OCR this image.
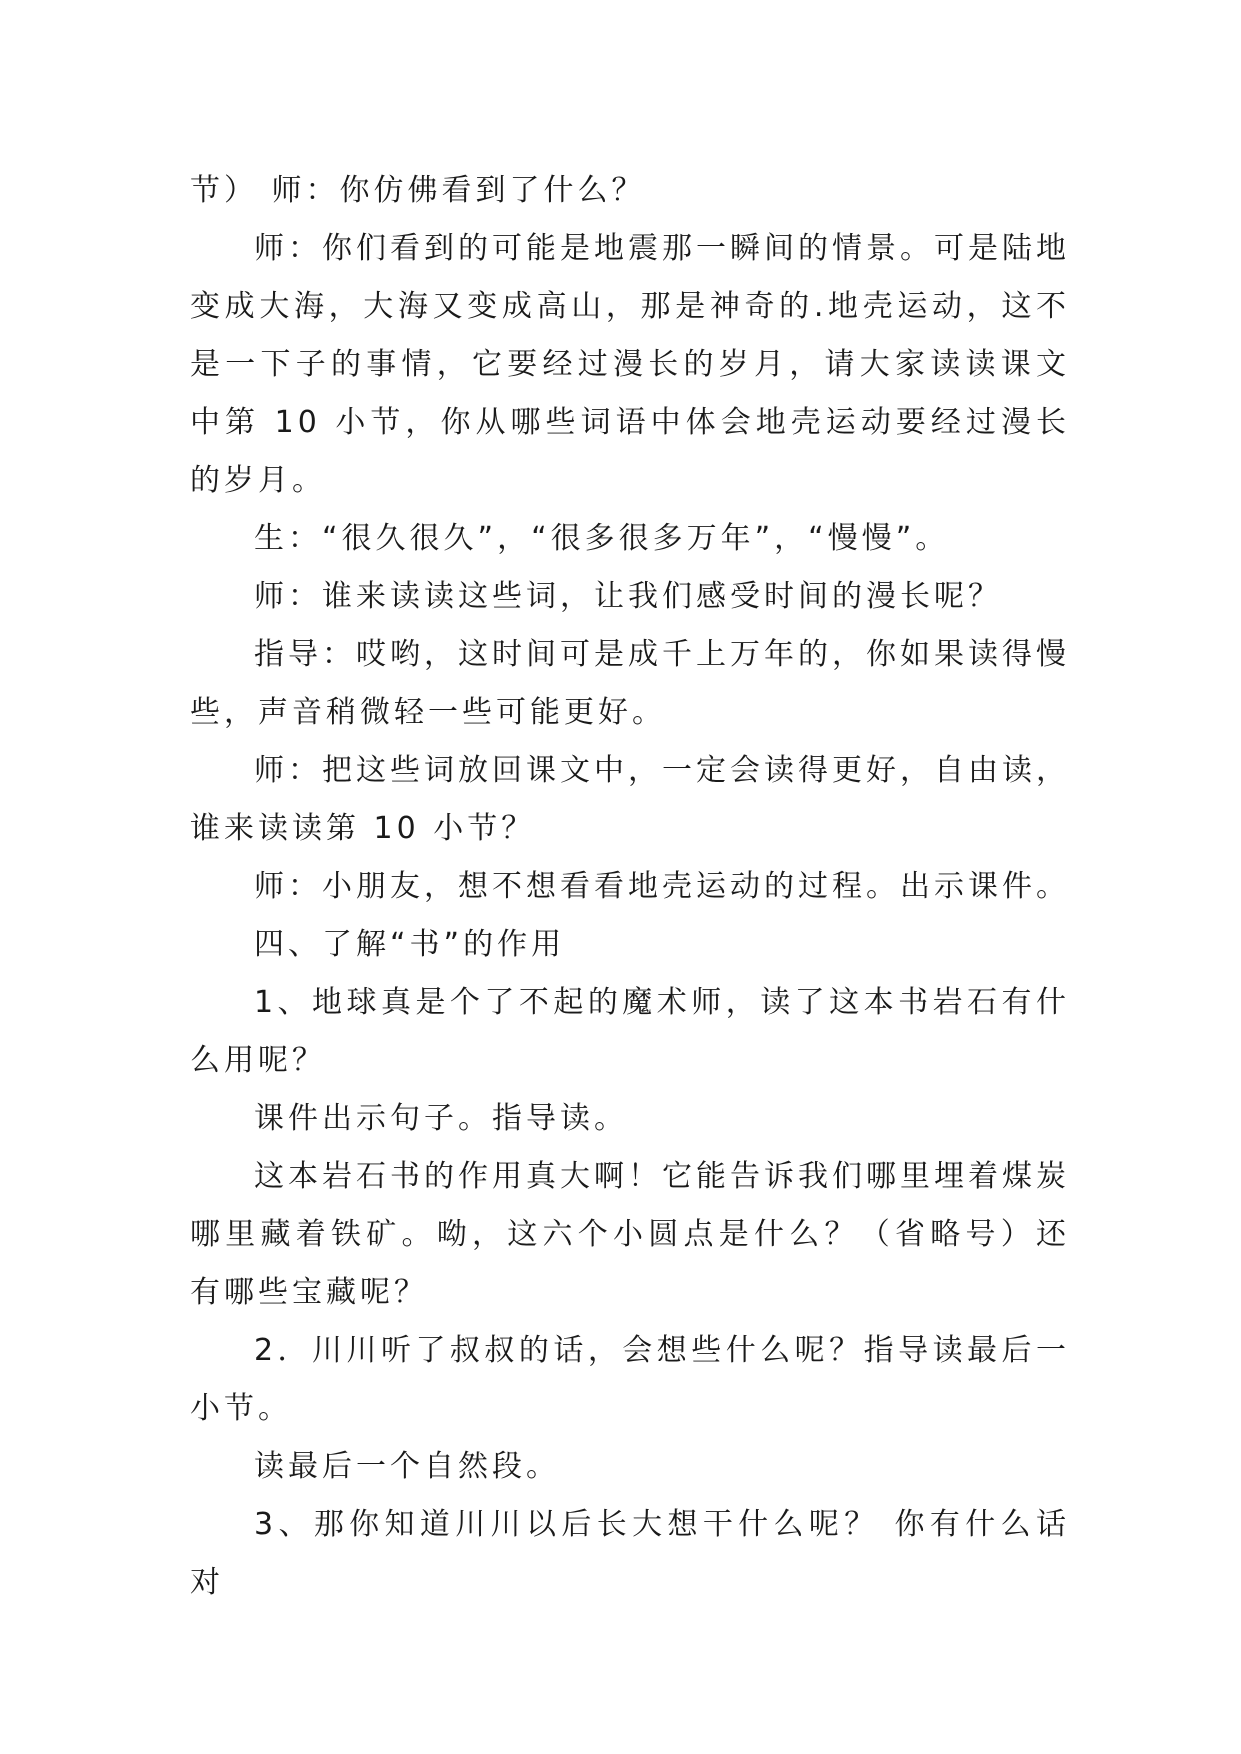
节） 师：你仿佛看到了什么？

师：你们看到的可能是地震那一瞬间的情景。可是陆地变成大海，大海又变成高山，那是神奇的.地壳运动，这不是一下子的事情，它要经过漫长的岁月，请大家读读课文中第 10 小节，你从哪些词语中体会地壳运动要经过漫长的岁月。

生：“很久很久”，“很多很多万年”，“慢慢”。

师：谁来读读这些词，让我们感受时间的漫长呢？

指导：哎哟，这时间可是成千上万年的，你如果读得慢些，声音稍微轻一些可能更好。

师：把这些词放回课文中，一定会读得更好，自由读，谁来读读第 10 小节？

师：小朋友，想不想看看地壳运动的过程。出示课件。

四、了解“书”的作用

1、地球真是个了不起的魔术师，读了这本书岩石有什么用呢？

课件出示句子。指导读。

这本岩石书的作用真大啊！它能告诉我们哪里埋着煤炭哪里藏着铁矿。呦，这六个小圆点是什么？（省略号）还有哪些宝藏呢？

2．川川听了叔叔的话，会想些什么呢？指导读最后一小节。

读最后一个自然段。

3、那你知道川川以后长大想干什么呢？ 你有什么话对
